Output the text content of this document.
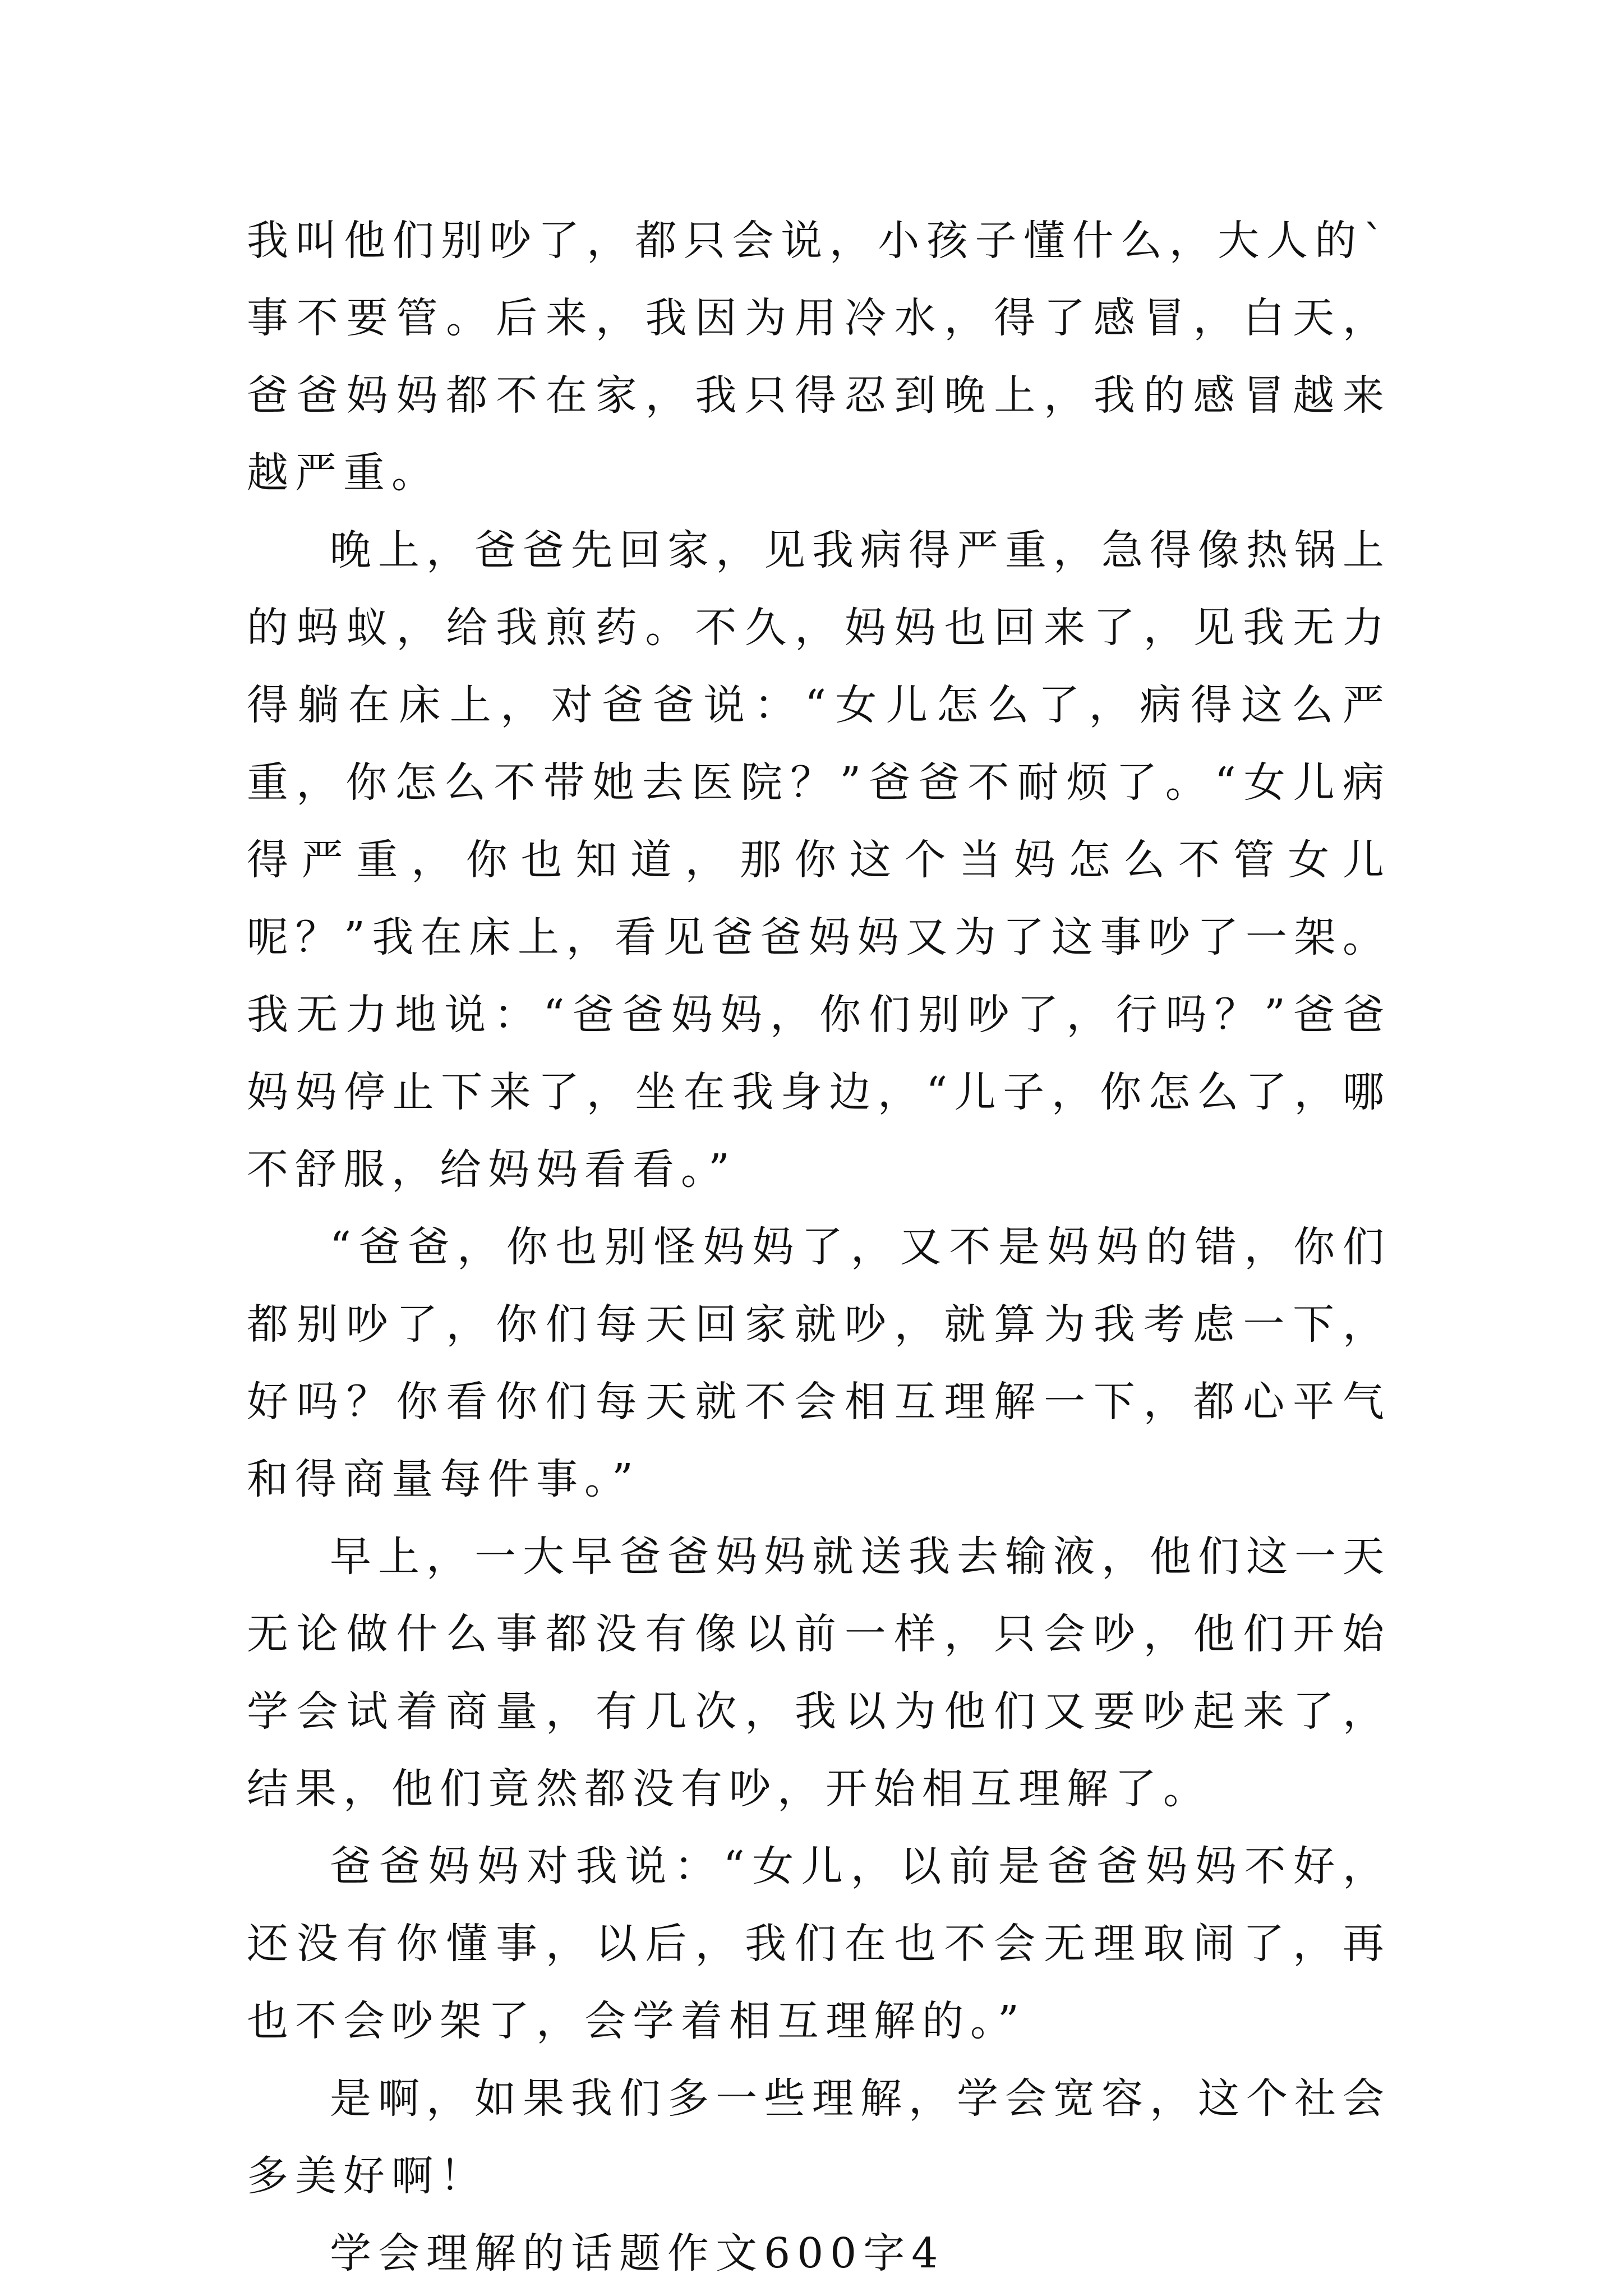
我叫他们别吵了，都只会说，小孩子懂什么，大人的`事不要管。后来，我因为用冷水，得了感冒，白天，爸爸妈妈都不在家，我只得忍到晚上，我的感冒越来越严重。

晚上，爸爸先回家，见我病得严重，急得像热锅上的蚂蚁，给我煎药。不久，妈妈也回来了，见我无力得躺在床上，对爸爸说：“女儿怎么了，病得这么严重，你怎么不带她去医院？”爸爸不耐烦了。“女儿病得严重，你也知道，那你这个当妈怎么不管女儿呢？”我在床上，看见爸爸妈妈又为了这事吵了一架。我无力地说：“爸爸妈妈，你们别吵了，行吗？”爸爸妈妈停止下来了，坐在我身边，“儿子，你怎么了，哪不舒服，给妈妈看看。”

“爸爸，你也别怪妈妈了，又不是妈妈的错，你们都别吵了，你们每天回家就吵，就算为我考虑一下，好吗？你看你们每天就不会相互理解一下，都心平气和得商量每件事。”

早上，一大早爸爸妈妈就送我去输液，他们这一天无论做什么事都没有像以前一样，只会吵，他们开始学会试着商量，有几次，我以为他们又要吵起来了，结果，他们竟然都没有吵，开始相互理解了。

爸爸妈妈对我说：“女儿，以前是爸爸妈妈不好，还没有你懂事，以后，我们在也不会无理取闹了，再也不会吵架了，会学着相互理解的。”

是啊，如果我们多一些理解，学会宽容，这个社会多美好啊！

学会理解的话题作文600字4
